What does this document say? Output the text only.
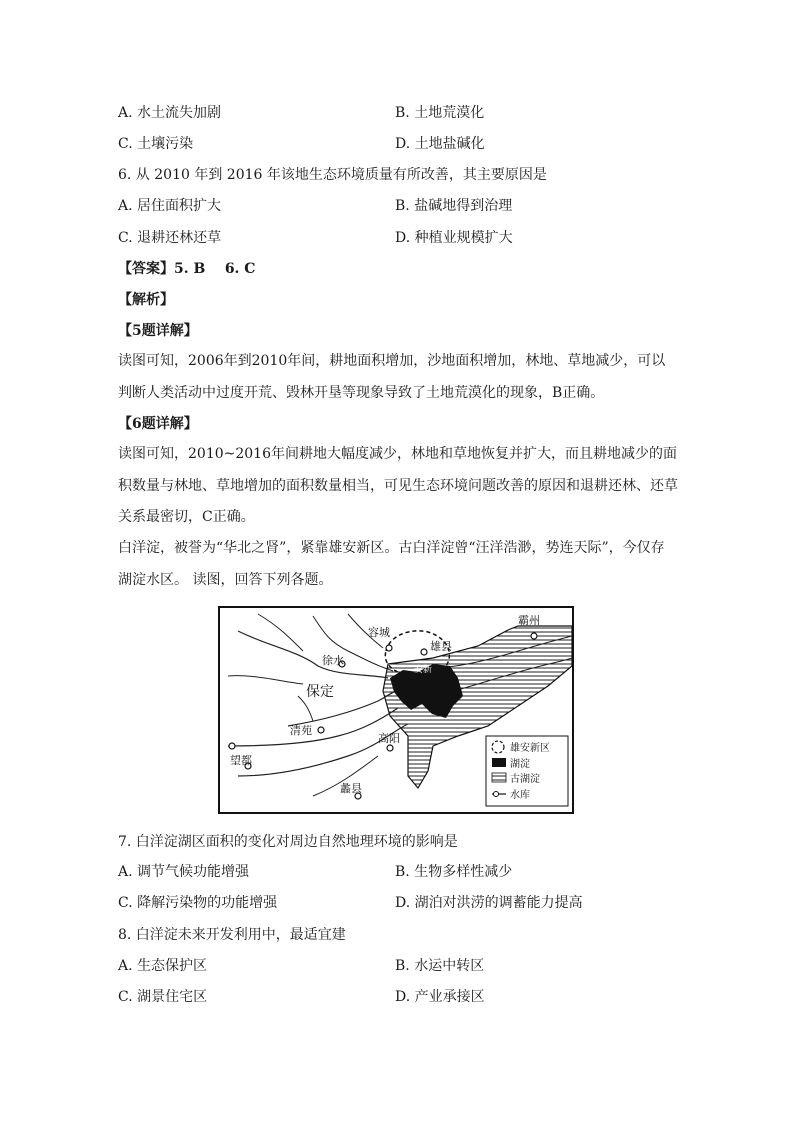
A. 水土流失加剧	B. 土地荒漠化
C. 土壤污染	D. 土地盐碱化
6. 从 2010 年到 2016 年该地生态环境质量有所改善，其主要原因是
A. 居住面积扩大	B. 盐碱地得到治理
C. 退耕还林还草	D. 种植业规模扩大
【答案】5. B    6. C
【解析】
【5题详解】
读图可知，2006年到2010年间，耕地面积增加，沙地面积增加，林地、草地减少，可以判断人类活动中过度开荒、毁林开垦等现象导致了土地荒漠化的现象，B正确。
【6题详解】
读图可知，2010~2016年间耕地大幅度减少，林地和草地恢复并扩大，而且耕地减少的面积数量与林地、草地增加的面积数量相当，可见生态环境问题改善的原因和退耕还林、还草关系最密切，C正确。
白洋淀，被誉为“华北之肾”，紧靠雄安新区。古白洋淀曾“汪洋浩渺，势连天际”，今仅存湖淀水区。 读图，回答下列各题。
霸州
容城
雄县
徐水
保定
安新
清苑
高阳
望都
蠡县
雄安新区
湖淀
古湖淀
水库
7. 白洋淀湖区面积的变化对周边自然地理环境的影响是
A. 调节气候功能增强	B. 生物多样性减少
C. 降解污染物的功能增强	D. 湖泊对洪涝的调蓄能力提高
8. 白洋淀未来开发利用中，最适宜建
A. 生态保护区	B. 水运中转区
C. 湖景住宅区	D. 产业承接区
